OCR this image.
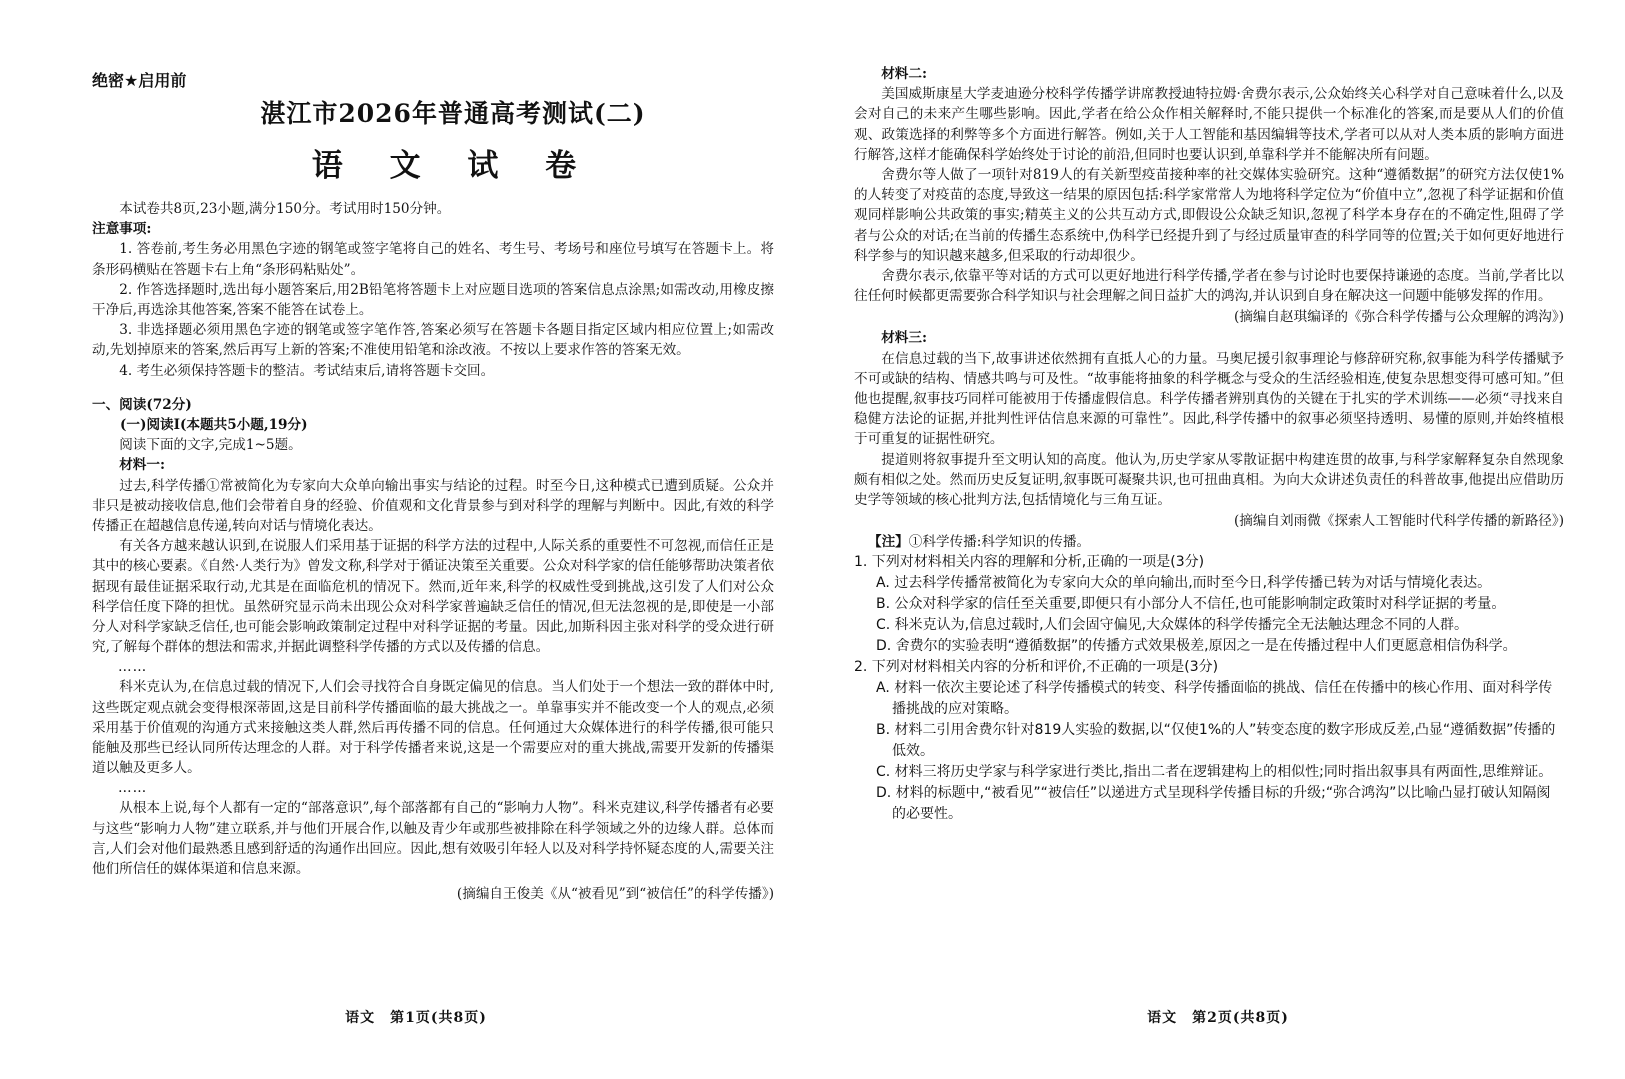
绝密★启用前

湛江市2026年普通高考测试(二)
语 文 试 卷

本试卷共8页,23小题,满分150分。考试用时150分钟。

注意事项:

1. 答卷前,考生务必用黑色字迹的钢笔或签字笔将自己的姓名、考生号、考场号和座位号填写在答题卡上。将条形码横贴在答题卡右上角“条形码粘贴处”。

2. 作答选择题时,选出每小题答案后,用2B铅笔将答题卡上对应题目选项的答案信息点涂黑;如需改动,用橡皮擦干净后,再选涂其他答案,答案不能答在试卷上。

3. 非选择题必须用黑色字迹的钢笔或签字笔作答,答案必须写在答题卡各题目指定区域内相应位置上;如需改动,先划掉原来的答案,然后再写上新的答案;不准使用铅笔和涂改液。不按以上要求作答的答案无效。

4. 考生必须保持答题卡的整洁。考试结束后,请将答题卡交回。

一、阅读(72分)

(一)阅读Ⅰ(本题共5小题,19分)

阅读下面的文字,完成1~5题。

材料一:

过去,科学传播①常被简化为专家向大众单向输出事实与结论的过程。时至今日,这种模式已遭到质疑。公众并非只是被动接收信息,他们会带着自身的经验、价值观和文化背景参与到对科学的理解与判断中。因此,有效的科学传播正在超越信息传递,转向对话与情境化表达。

有关各方越来越认识到,在说服人们采用基于证据的科学方法的过程中,人际关系的重要性不可忽视,而信任正是其中的核心要素。《自然·人类行为》曾发文称,科学对于循证决策至关重要。公众对科学家的信任能够帮助决策者依据现有最佳证据采取行动,尤其是在面临危机的情况下。然而,近年来,科学的权威性受到挑战,这引发了人们对公众科学信任度下降的担忧。虽然研究显示尚未出现公众对科学家普遍缺乏信任的情况,但无法忽视的是,即使是一小部分人对科学家缺乏信任,也可能会影响政策制定过程中对科学证据的考量。因此,加斯科因主张对科学的受众进行研究,了解每个群体的想法和需求,并据此调整科学传播的方式以及传播的信息。

……

科米克认为,在信息过载的情况下,人们会寻找符合自身既定偏见的信息。当人们处于一个想法一致的群体中时,这些既定观点就会变得根深蒂固,这是目前科学传播面临的最大挑战之一。单靠事实并不能改变一个人的观点,必须采用基于价值观的沟通方式来接触这类人群,然后再传播不同的信息。任何通过大众媒体进行的科学传播,很可能只能触及那些已经认同所传达理念的人群。对于科学传播者来说,这是一个需要应对的重大挑战,需要开发新的传播渠道以触及更多人。

……

从根本上说,每个人都有一定的“部落意识”,每个部落都有自己的“影响力人物”。科米克建议,科学传播者有必要与这些“影响力人物”建立联系,并与他们开展合作,以触及青少年或那些被排除在科学领域之外的边缘人群。总体而言,人们会对他们最熟悉且感到舒适的沟通作出回应。因此,想有效吸引年轻人以及对科学持怀疑态度的人,需要关注他们所信任的媒体渠道和信息来源。

(摘编自王俊美《从“被看见”到“被信任”的科学传播》)

语文　第1页(共8页)

材料二:

美国威斯康星大学麦迪逊分校科学传播学讲席教授迪特拉姆·舍费尔表示,公众始终关心科学对自己意味着什么,以及会对自己的未来产生哪些影响。因此,学者在给公众作相关解释时,不能只提供一个标准化的答案,而是要从人们的价值观、政策选择的利弊等多个方面进行解答。例如,关于人工智能和基因编辑等技术,学者可以从对人类本质的影响方面进行解答,这样才能确保科学始终处于讨论的前沿,但同时也要认识到,单靠科学并不能解决所有问题。

舍费尔等人做了一项针对819人的有关新型疫苗接种率的社交媒体实验研究。这种“遵循数据”的研究方法仅使1%的人转变了对疫苗的态度,导致这一结果的原因包括:科学家常常人为地将科学定位为“价值中立”,忽视了科学证据和价值观同样影响公共政策的事实;精英主义的公共互动方式,即假设公众缺乏知识,忽视了科学本身存在的不确定性,阻碍了学者与公众的对话;在当前的传播生态系统中,伪科学已经提升到了与经过质量审查的科学同等的位置;关于如何更好地进行科学参与的知识越来越多,但采取的行动却很少。

舍费尔表示,依靠平等对话的方式可以更好地进行科学传播,学者在参与讨论时也要保持谦逊的态度。当前,学者比以往任何时候都更需要弥合科学知识与社会理解之间日益扩大的鸿沟,并认识到自身在解决这一问题中能够发挥的作用。

(摘编自赵琪编译的《弥合科学传播与公众理解的鸿沟》)

材料三:

在信息过载的当下,故事讲述依然拥有直抵人心的力量。马奥尼援引叙事理论与修辞研究称,叙事能为科学传播赋予不可或缺的结构、情感共鸣与可及性。“故事能将抽象的科学概念与受众的生活经验相连,使复杂思想变得可感可知。”但他也提醒,叙事技巧同样可能被用于传播虚假信息。科学传播者辨别真伪的关键在于扎实的学术训练——必须“寻找来自稳健方法论的证据,并批判性评估信息来源的可靠性”。因此,科学传播中的叙事必须坚持透明、易懂的原则,并始终植根于可重复的证据性研究。

提道则将叙事提升至文明认知的高度。他认为,历史学家从零散证据中构建连贯的故事,与科学家解释复杂自然现象颇有相似之处。然而历史反复证明,叙事既可凝聚共识,也可扭曲真相。为向大众讲述负责任的科普故事,他提出应借助历史学等领域的核心批判方法,包括情境化与三角互证。

(摘编自刘雨微《探索人工智能时代科学传播的新路径》)

【注】①科学传播:科学知识的传播。

1. 下列对材料相关内容的理解和分析,正确的一项是(3分)

A. 过去科学传播常被简化为专家向大众的单向输出,而时至今日,科学传播已转为对话与情境化表达。

B. 公众对科学家的信任至关重要,即便只有小部分人不信任,也可能影响制定政策时对科学证据的考量。

C. 科米克认为,信息过载时,人们会固守偏见,大众媒体的科学传播完全无法触达理念不同的人群。

D. 舍费尔的实验表明“遵循数据”的传播方式效果极差,原因之一是在传播过程中人们更愿意相信伪科学。

2. 下列对材料相关内容的分析和评价,不正确的一项是(3分)

A. 材料一依次主要论述了科学传播模式的转变、科学传播面临的挑战、信任在传播中的核心作用、面对科学传播挑战的应对策略。

B. 材料二引用舍费尔针对819人实验的数据,以“仅使1%的人”转变态度的数字形成反差,凸显“遵循数据”传播的低效。

C. 材料三将历史学家与科学家进行类比,指出二者在逻辑建构上的相似性;同时指出叙事具有两面性,思维辩证。

D. 材料的标题中,“被看见”“被信任”以递进方式呈现科学传播目标的升级;“弥合鸿沟”以比喻凸显打破认知隔阂的必要性。

语文　第2页(共8页)
